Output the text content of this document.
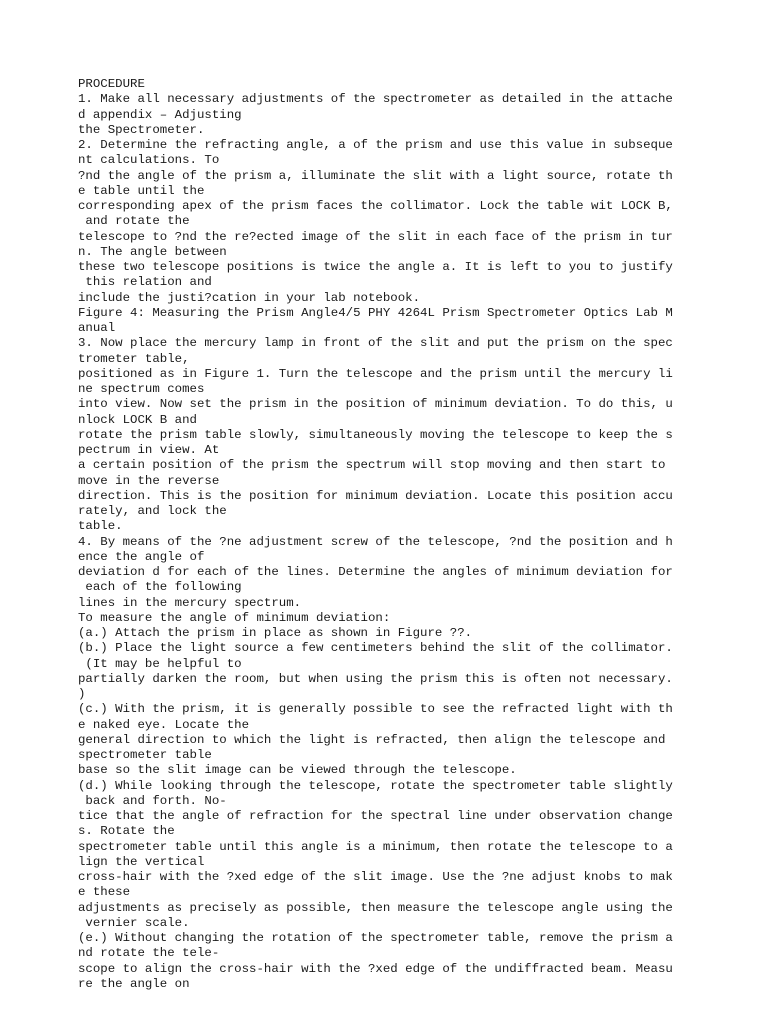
PROCEDURE
1. Make all necessary adjustments of the spectrometer as detailed in the attache
d appendix – Adjusting
the Spectrometer.
2. Determine the refracting angle, a of the prism and use this value in subseque
nt calculations. To
?nd the angle of the prism a, illuminate the slit with a light source, rotate th
e table until the
corresponding apex of the prism faces the collimator. Lock the table wit LOCK B,
and rotate the
telescope to ?nd the re?ected image of the slit in each face of the prism in tur
n. The angle between
these two telescope positions is twice the angle a. It is left to you to justify
this relation and
include the justi?cation in your lab notebook.
Figure 4: Measuring the Prism Angle4/5 PHY 4264L Prism Spectrometer Optics Lab M
anual
3. Now place the mercury lamp in front of the slit and put the prism on the spec
trometer table,
positioned as in Figure 1. Turn the telescope and the prism until the mercury li
ne spectrum comes
into view. Now set the prism in the position of minimum deviation. To do this, u
nlock LOCK B and
rotate the prism table slowly, simultaneously moving the telescope to keep the s
pectrum in view. At
a certain position of the prism the spectrum will stop moving and then start to
move in the reverse
direction. This is the position for minimum deviation. Locate this position accu
rately, and lock the
table.
4. By means of the ?ne adjustment screw of the telescope, ?nd the position and h
ence the angle of
deviation d for each of the lines. Determine the angles of minimum deviation for
each of the following
lines in the mercury spectrum.
To measure the angle of minimum deviation:
(a.) Attach the prism in place as shown in Figure ??.
(b.) Place the light source a few centimeters behind the slit of the collimator.
(It may be helpful to
partially darken the room, but when using the prism this is often not necessary.
)
(c.) With the prism, it is generally possible to see the refracted light with th
e naked eye. Locate the
general direction to which the light is refracted, then align the telescope and
spectrometer table
base so the slit image can be viewed through the telescope.
(d.) While looking through the telescope, rotate the spectrometer table slightly
back and forth. No-
tice that the angle of refraction for the spectral line under observation change
s. Rotate the
spectrometer table until this angle is a minimum, then rotate the telescope to a
lign the vertical
cross-hair with the ?xed edge of the slit image. Use the ?ne adjust knobs to mak
e these
adjustments as precisely as possible, then measure the telescope angle using the
vernier scale.
(e.) Without changing the rotation of the spectrometer table, remove the prism a
nd rotate the tele-
scope to align the cross-hair with the ?xed edge of the undiffracted beam. Measu
re the angle on
